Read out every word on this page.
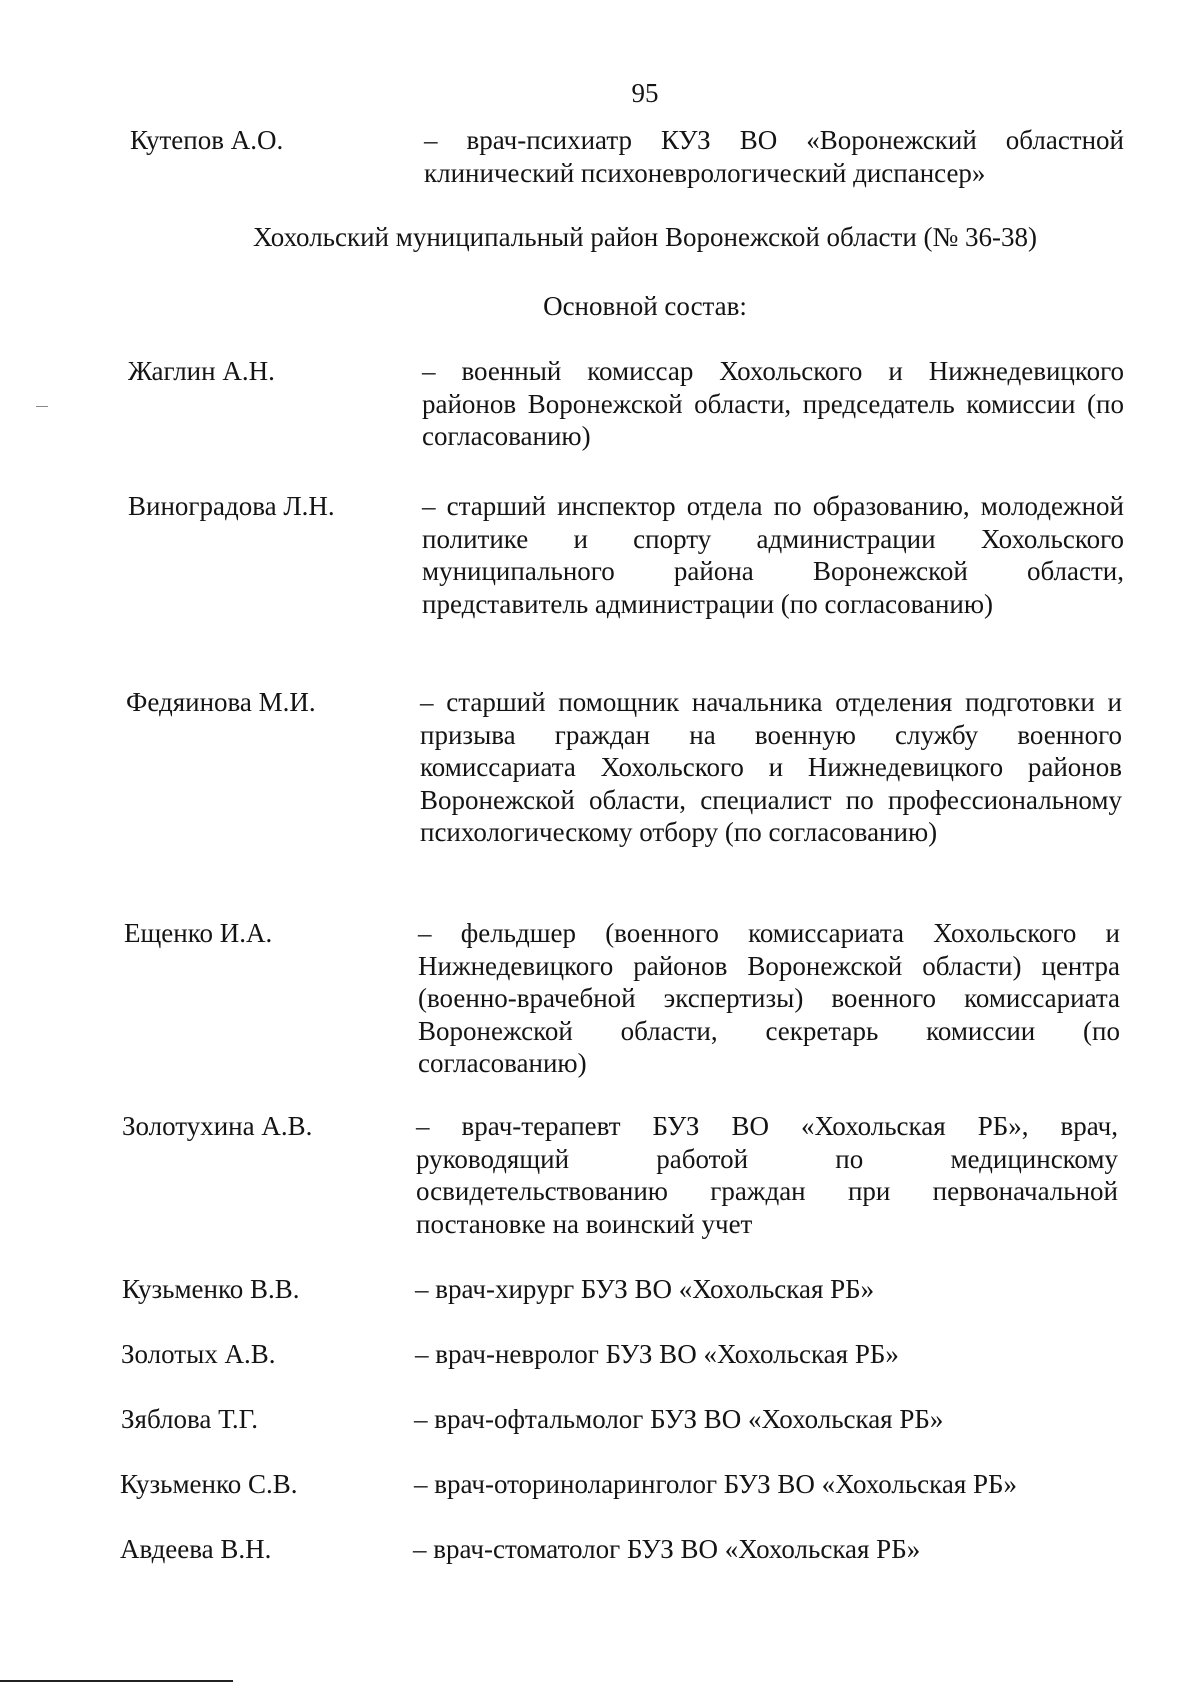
95
Кутепов А.О.	– врач-психиатр КУЗ ВО «Воронежский областной клинический психоневрологический диспансер»
Хохольский муниципальный район Воронежской области (№ 36-38)
Основной состав:
Жаглин А.Н.	– военный комиссар Хохольского и Нижнедевицкого районов Воронежской области, председатель комиссии (по согласованию)
Виноградова Л.Н.	– старший инспектор отдела по образованию, молодежной политике и спорту администрации Хохольского муниципального района Воронежской области, представитель администрации (по согласованию)
Федяинова М.И.	– старший помощник начальника отделения подготовки и призыва граждан на военную службу военного комиссариата Хохольского и Нижнедевицкого районов Воронежской области, специалист по профессиональному психологическому отбору (по согласованию)
Ещенко И.А.	– фельдшер (военного комиссариата Хохольского и Нижнедевицкого районов Воронежской области) центра (военно-врачебной экспертизы) военного комиссариата Воронежской области, секретарь комиссии (по согласованию)
Золотухина А.В.	– врач-терапевт БУЗ ВО «Хохольская РБ», врач, руководящий работой по медицинскому освидетельствованию граждан при первоначальной постановке на воинский учет
Кузьменко В.В.	– врач-хирург БУЗ ВО «Хохольская РБ»
Золотых А.В.	– врач-невролог БУЗ ВО «Хохольская РБ»
Зяблова Т.Г.	– врач-офтальмолог БУЗ ВО «Хохольская РБ»
Кузьменко С.В.	– врач-оториноларинголог БУЗ ВО «Хохольская РБ»
Авдеева В.Н.	– врач-стоматолог БУЗ ВО «Хохольская РБ»
